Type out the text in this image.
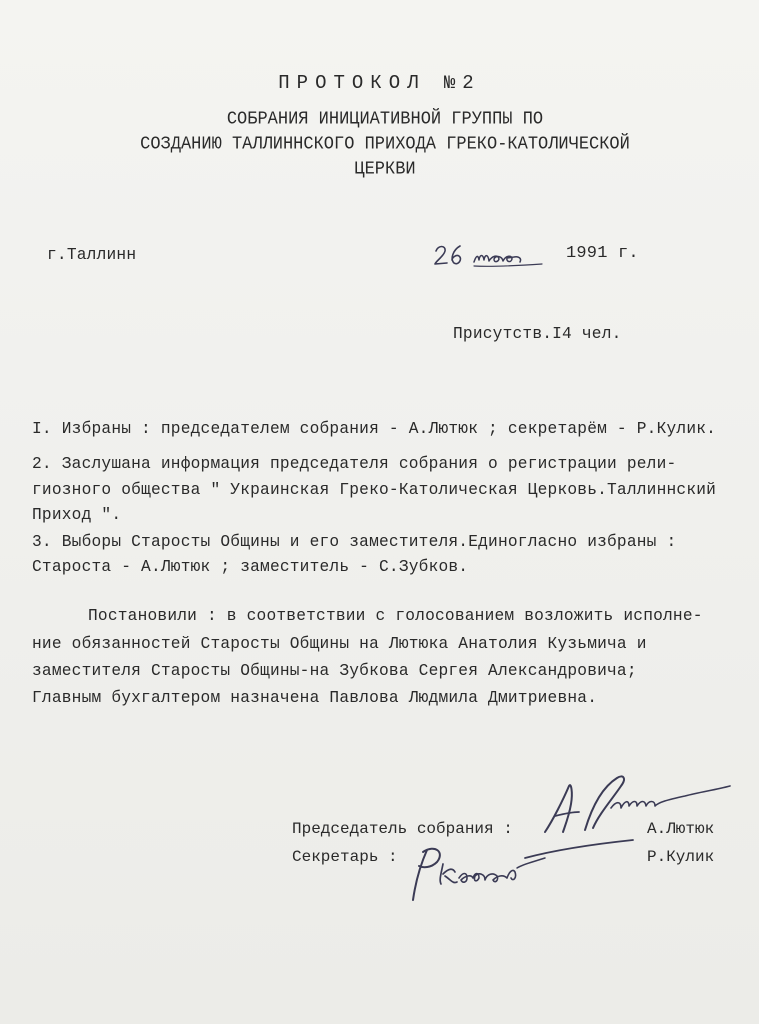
ПРОТОКОЛ №2
СОБРАНИЯ ИНИЦИАТИВНОЙ ГРУППЫ ПО
СОЗДАНИЮ ТАЛЛИННСКОГО ПРИХОДА ГРЕКО-КАТОЛИЧЕСКОЙ
ЦЕРКВИ
г.Таллинн	1991 г.
Присутств.I4 чел.
I. Избраны : председателем собрания - А.Лютюк ; секретарём - Р.Кулик.
2. Заслушана информация председателя собрания о регистрации рели-
гиозного общества " Украинская Греко-Католическая Церковь.Таллиннский
Приход ".
3. Выборы Старосты Общины и его заместителя.Единогласно избраны :
Староста - А.Лютюк ; заместитель - С.Зубков.
Постановили : в соответствии с голосованием возложить исполне-
ние обязанностей Старосты Общины на Лютюка Анатолия Кузьмича и
заместителя Старосты Общины-на Зубкова Сергея Александровича;
Главным бухгалтером назначена Павлова Людмила Дмитриевна.
Председатель собрания :	А.Лютюк
Секретарь :	Р.Кулик
